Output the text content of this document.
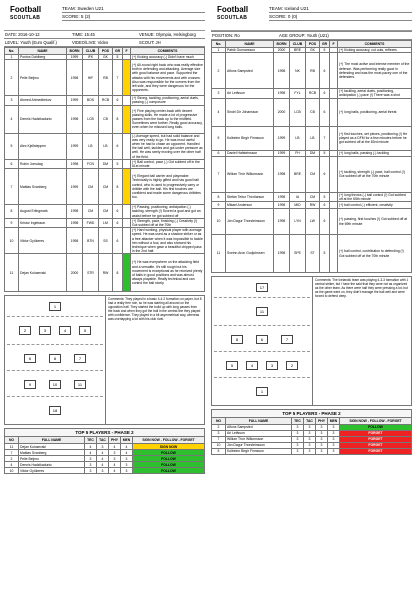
Football
SCOUTLAB
TEAM: Sweden U21
SCORE: 5 (2)
DATE: 2016-10-12	TIME: 15:45	VENUE: Olympia, Helsingborg
LEVEL: Youth (Euro Qualif.)	VIDEO/LIVE: Video	SCOUT: JH
No.	NAME	BORN	CLUB	POS	GR	F	COMMENTS
1	Pontus Dahlberg	1999	IFK	GK	5		(+) Kicking accuracy (-) Didn't have much
2	Pelle Beijmo	1998	HIF	RB	7		(+) All-round right back who was really effective both in defending and attacking. Average size with good balance and pace. Supported the attacks with his movements and with crosses. Also was responsible for the corners from the left side, and they were dangerous for the opponents.
3	Ahmed Ahmedbekov	1999	BOS	RCB	6		(+) Strong, tackling, positioning, aerial duels, passing (-) composure
4	Dennis Hadzikadunic	1998	LCB	CB	8		(+) Fine playing center-back with decent passing skills. He made a lot of progressive passes from the back up to the midfield. Sometimes went further. Really good accuracy, even when he misused long balls.
5	Alex Kjellsteppen	1999	LB	LB	6		(-) Average speed, but had solid balance and was very ready to go. He was most useful when he had to chase an opponent. Handled the ball well, tackles and got under pressure as well. He was rarely moving over the other half of the field.
6	Robin Jonsdag	1998	FCN	DM	5		(+) Ball control, pace (-) Got subbed off in the 61st minute
7	Mattias Svanberg	1999	CM	CM	8		(+) Elegant ball carrier and playmaker. Technically is highly gifted and has good ball control, who is used to progressively carry or dribble with the ball. His first touches are confident and made some dangerous dribbles too.
8	August Erlingmark	1998	CM	CM	6		(+) Passing, positioning, anticipation (-) tackling, strength (!) Scored a goal and got an assist before he got subbed off
9	Kristor Ingelsson	1998	FWD	LM	6		(+) Strength, pace, finishing (-) Creativity (!) Got subbed off at the 70th
10	Viktor Gyökeres	1998	BTN	SS	6		(+) Hard working, physical player with average speed. He was used as a shadow striker or as a free attacker when it was impossible to tackle him without a foul, and also showed his technique when gave a beautiful chipped pass in the 2nd half.
11	Dejan Kulusevski	2000	STR	RW	8		(+) He was everywhere on the attacking field and a versatile. It's still rough but his movement is exceptional as he received plenty of balls in good positions and was almost always playable. Really technical and can control the ball nicely.
1
2	3	4	5
6	8	7
9	10	11
18
Comments: They played in a basic 4-4-2 formation on paper, but 8 had a really free role, so he was starting all around on the opposition half. They started the build up with long passes from the back and when they got the ball in the central line they played with confidence. They played in a bit asymmetrical way, whereas was overlapping a lot with his club rival.
TOP 5 PLAYERS - PHASE 2
NO	FULL NAME	TEC	TAC	PHY	MEN	SIGN NOW - FOLLOW - FORGET
11	Dejan Kulusevski	4	3	4	4	SIGN NOW
7	Mattias Svanberg	4	4	3	4	FOLLOW
2	Pelle Beijmo	3	4	3	3	FOLLOW
4	Dennis Hadzikadunic	3	4	4	3	FOLLOW
10	Viktor Gyökeres	3	3	4	3	FOLLOW
Football
SCOUTLAB
TEAM: Iceland U21
SCORE: 0 (0)
POSITION: Ro	AGE GROUP: Youth (U21)
No.	NAME	BORN	CLUB	POS	GR	F	COMMENTS
1	Patrik Gunnarsson	2000	BRE	GK	5		(+) Kicking accuracy, cut outs, reflexes
2	Alfons Sampsted	1998	NK	RB	6		(+) The most active and intense member of the defence. Was performing really good in defending and was the most pacey one of the defenders.
3	Ari Leifsson	1998	FYL	RCB	6		(+) tackling, aerial duels, positioning, anticipation (-) pace (!) There was a shot
4	Sindri Dir Jóhansson	2000	LCB	CB	6		(+) long balls, positioning, aerial threat
5	Kolbeinn Birgir Finnsson	1999	LB	LB	7		(+) first touches, set pieces, positioning (!) He played as a DFM for a few minutes before he got subbed off at the 83rd minute
6	Daniel Hafsteinsson	1999	FH	DM	5		(+) long balls, passing (-) tackling
7	Willum Thór Willumsson	1998	BRE	CM	6		(+) tackling, strength (-) pace, ball control (!) Got subbed off at the 70th minute
8	Stefán Teitur Thórðarson	1998	IA	CM	5		(+) long throws (-) ball control (!) Got subbed off at the 65th minute
9	Mikael Anderson	1998	MID	RW	6		(+) ball control (-) efficient, creativity
10	Jón Dagur Thorsteinsson	1998	LYN	LW	6		(+) passing, first touches (!) Got subbed off at the 69th minute
11	Sveinn Aron Gudjohnsen	1998	SPE	ST	5		(+) ball control, contribution to defending (!) Got subbed off at the 70th minute
17
11
8	6	7
5	4	3	2
1
Comments: The Icelandic team was playing 4-3-3 formation with 1 central striker, but I have the said that they were not as organized as the other team. As there were half they were pressing a lot, but as the game went on, they didn't manage the ball well and were forced to defend deep.
TOP 5 PLAYERS - PHASE 2
NO	FULL NAME	TEC	TAC	PHY	MEN	SIGN NOW - FOLLOW - FORGET
2	Alfons Sampsted	3	3	3	3	FOLLOW
3	Ari Leifsson	3	3	3	3	FORGET
7	Willum Thór Willumsson	3	3	3	3	FORGET
10	Jón Dagur Thorsteinsson	3	3	3	3	FORGET
5	Kolbeinn Birgir Finnsson	3	3	3	3	FORGET
